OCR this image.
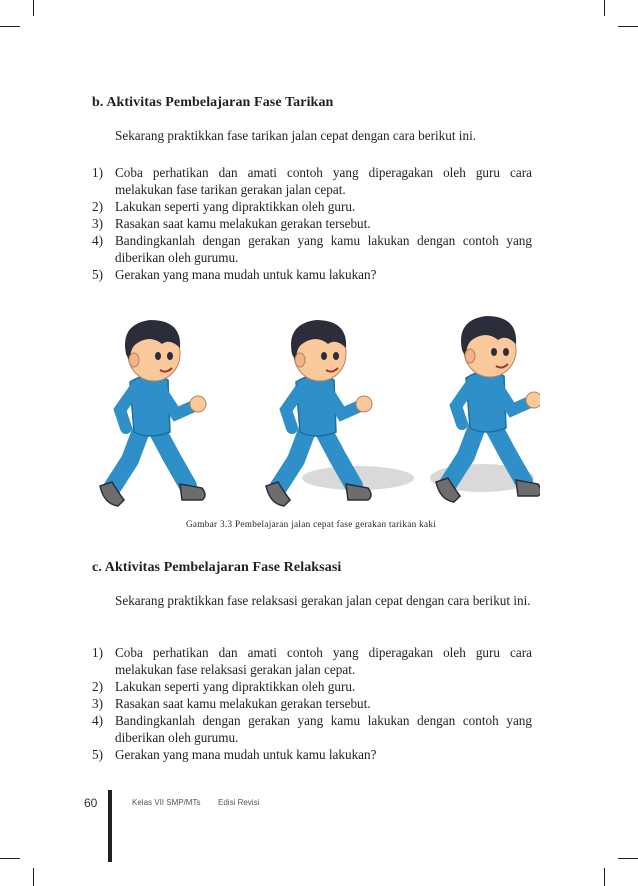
b. Aktivitas Pembelajaran Fase Tarikan
Sekarang praktikkan fase tarikan jalan cepat dengan cara berikut ini.
1) Coba perhatikan dan amati contoh yang diperagakan oleh guru cara melakukan fase tarikan gerakan jalan cepat.
2) Lakukan seperti yang dipraktikkan oleh guru.
3) Rasakan saat kamu melakukan gerakan tersebut.
4) Bandingkanlah dengan gerakan yang kamu lakukan dengan contoh yang diberikan oleh gurumu.
5) Gerakan yang mana mudah untuk kamu lakukan?
Gambar 3.3 Pembelajaran jalan cepat fase gerakan tarikan kaki
c. Aktivitas Pembelajaran Fase Relaksasi
Sekarang praktikkan fase relaksasi gerakan jalan cepat dengan cara berikut ini.
1) Coba perhatikan dan amati contoh yang diperagakan oleh guru cara melakukan fase relaksasi gerakan jalan cepat.
2) Lakukan seperti yang dipraktikkan oleh guru.
3) Rasakan saat kamu melakukan gerakan tersebut.
4) Bandingkanlah dengan gerakan yang kamu lakukan dengan contoh yang diberikan oleh gurumu.
5) Gerakan yang mana mudah untuk kamu lakukan?
60	Kelas VII SMP/MTs Edisi Revisi
